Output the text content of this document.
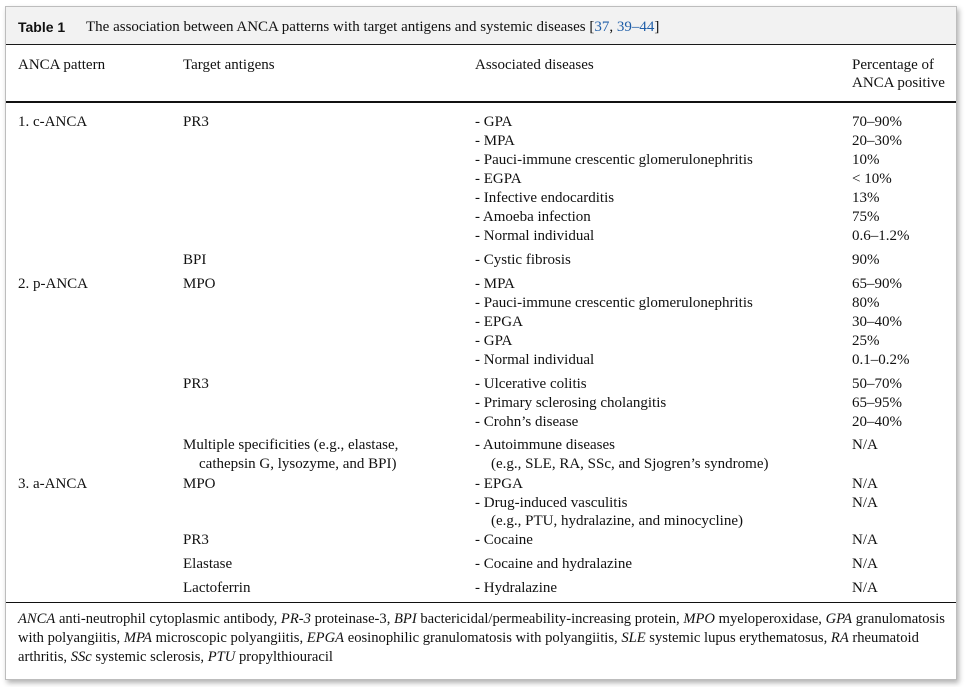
Table 1 The association between ANCA patterns with target antigens and systemic diseases [37, 39–44]
ANCA pattern	Target antigens	Associated diseases	Percentage of
ANCA positive
1. c-ANCA	PR3	- GPA	70–90%
- MPA	20–30%
- Pauci-immune crescentic glomerulonephritis	10%
- EGPA	< 10%
- Infective endocarditis	13%
- Amoeba infection	75%
- Normal individual	0.6–1.2%
BPI	- Cystic fibrosis	90%
2. p-ANCA	MPO	- MPA	65–90%
- Pauci-immune crescentic glomerulonephritis	80%
- EPGA	30–40%
- GPA	25%
- Normal individual	0.1–0.2%
PR3	- Ulcerative colitis	50–70%
- Primary sclerosing cholangitis	65–95%
- Crohn’s disease	20–40%
Multiple specificities (e.g., elastase,	- Autoimmune diseases	N/A
cathepsin G, lysozyme, and BPI)	(e.g., SLE, RA, SSc, and Sjogren’s syndrome)
3. a-ANCA	MPO	- EPGA	N/A
- Drug-induced vasculitis	N/A
(e.g., PTU, hydralazine, and minocycline)
PR3	- Cocaine	N/A
Elastase	- Cocaine and hydralazine	N/A
Lactoferrin	- Hydralazine	N/A
ANCA anti-neutrophil cytoplasmic antibody, PR-3 proteinase-3, BPI bactericidal/permeability-increasing protein, MPO myeloperoxidase, GPA granulomatosis with polyangiitis, MPA microscopic polyangiitis, EPGA eosinophilic granulomatosis with polyangiitis, SLE systemic lupus erythematosus, RA rheumatoid arthritis, SSc systemic sclerosis, PTU propylthiouracil
